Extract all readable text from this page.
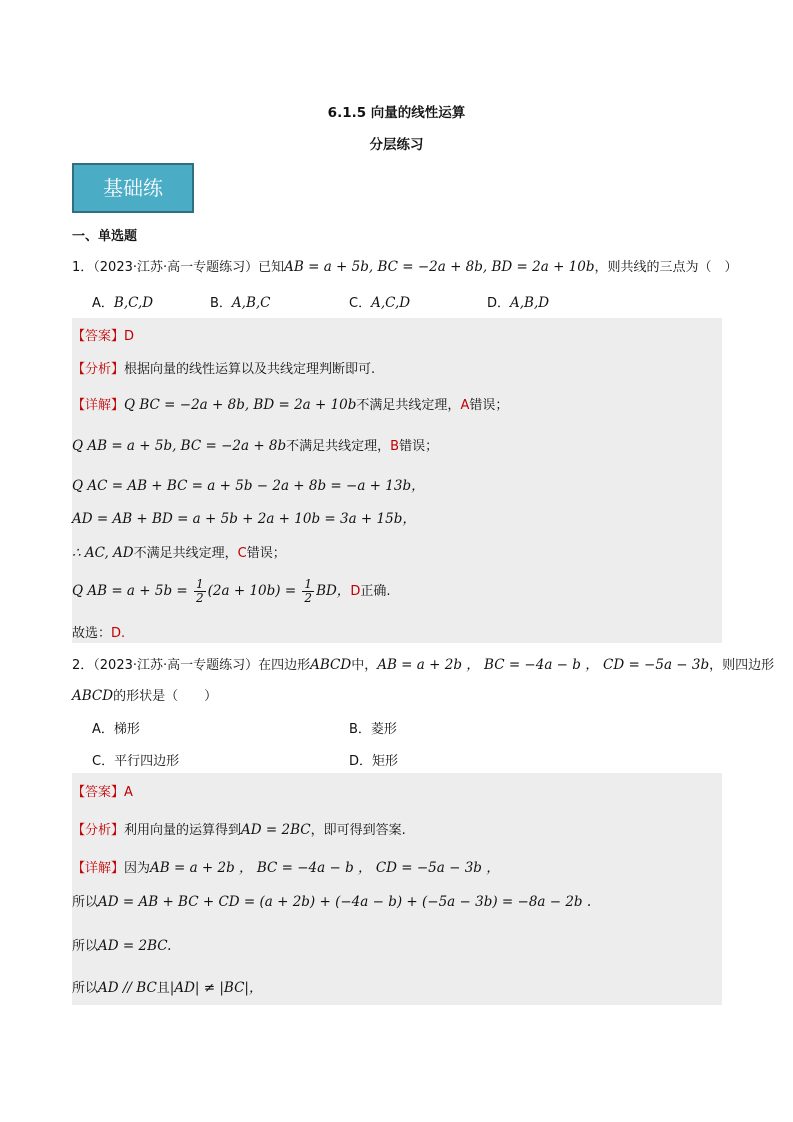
6.1.5 向量的线性运算
分层练习
基础练
一、单选题
1．（2023·江苏·高一专题练习）已知AB = a + 5b, BC = −2a + 8b, BD = 2a + 10b，则共线的三点为（　）
A．B,C,D	B．A,B,C	C．A,C,D	D．A,B,D
【答案】D
【分析】根据向量的线性运算以及共线定理判断即可.
【详解】Q BC = −2a + 8b, BD = 2a + 10b不满足共线定理，A错误；
Q AB = a + 5b, BC = −2a + 8b不满足共线定理，B错误；
Q AC = AB + BC = a + 5b − 2a + 8b = −a + 13b，
AD = AB + BD = a + 5b + 2a + 10b = 3a + 15b，
∴ AC, AD不满足共线定理，C错误；
Q AB = $a + 5b = \frac{1}{2} (2a + 10b) = \frac{1}{2}$ BD，D正确.
故选：D.
2．（2023·江苏·高一专题练习）在四边形ABCD中，AB = a + 2b ， BC = −4a − b ， CD = −5a − 3b，则四边形
ABCD的形状是（　　）
A．梯形	B．菱形
C．平行四边形	D．矩形
【答案】A
【分析】利用向量的运算得到AD = 2BC，即可得到答案.
【详解】因为AB = a + 2b ， BC = −4a − b ， CD = −5a − 3b ，
所以AD = AB + BC + CD = (a + 2b) + (−4a − b) + (−5a − 3b) = −8a − 2b .
所以AD = 2BC.
所以AD // BC且|AD| ≠ |BC|，
